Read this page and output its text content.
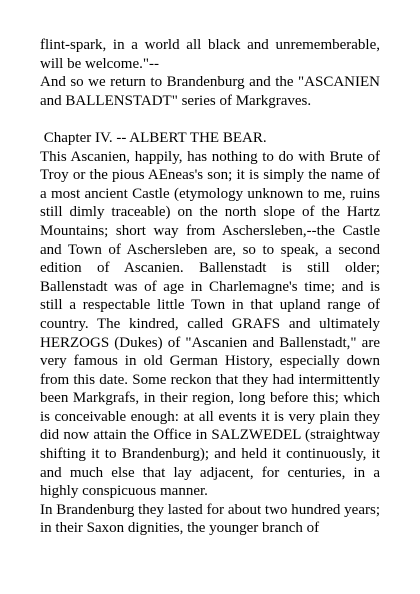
flint-spark, in a world all black and unrememberable, will be welcome."--

And so we return to Brandenburg and the "ASCANIEN and BALLENSTADT" series of Markgraves.

Chapter IV. -- ALBERT THE BEAR.

This Ascanien, happily, has nothing to do with Brute of Troy or the pious AEneas's son; it is simply the name of a most ancient Castle (etymology unknown to me, ruins still dimly traceable) on the north slope of the Hartz Mountains; short way from Aschersleben,--the Castle and Town of Aschersleben are, so to speak, a second edition of Ascanien. Ballenstadt is still older; Ballenstadt was of age in Charlemagne's time; and is still a respectable little Town in that upland range of country. The kindred, called GRAFS and ultimately HERZOGS (Dukes) of "Ascanien and Ballenstadt," are very famous in old German History, especially down from this date. Some reckon that they had intermittently been Markgrafs, in their region, long before this; which is conceivable enough: at all events it is very plain they did now attain the Office in SALZWEDEL (straightway shifting it to Brandenburg); and held it continuously, it and much else that lay adjacent, for centuries, in a highly conspicuous manner.

In Brandenburg they lasted for about two hundred years; in their Saxon dignities, the younger branch of
